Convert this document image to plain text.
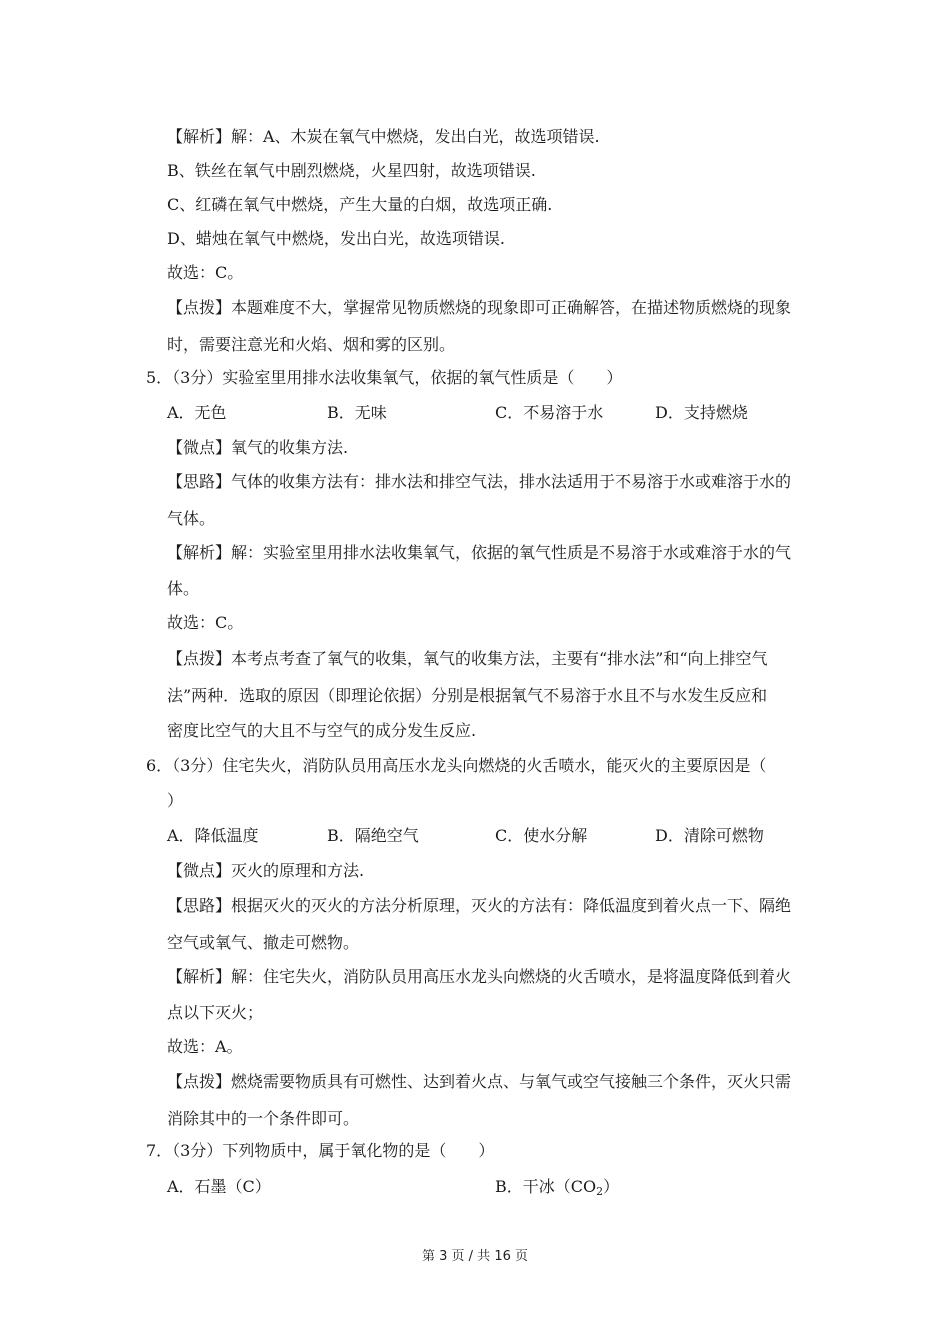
【解析】解：A、木炭在氧气中燃烧，发出白光，故选项错误.
B、铁丝在氧气中剧烈燃烧，火星四射，故选项错误.
C、红磷在氧气中燃烧，产生大量的白烟，故选项正确.
D、蜡烛在氧气中燃烧，发出白光，故选项错误.
故选：C。
【点拨】本题难度不大，掌握常见物质燃烧的现象即可正确解答，在描述物质燃烧的现象
时，需要注意光和火焰、烟和雾的区别。
5．（3分）实验室里用排水法收集氧气，依据的氧气性质是（　　）
A．无色	B．无味	C．不易溶于水	D．支持燃烧
【微点】氧气的收集方法.
【思路】气体的收集方法有：排水法和排空气法，排水法适用于不易溶于水或难溶于水的
气体。
【解析】解：实验室里用排水法收集氧气，依据的氧气性质是不易溶于水或难溶于水的气
体。
故选：C。
【点拨】本考点考查了氧气的收集，氧气的收集方法，主要有“排水法”和“向上排空气
法”两种．选取的原因（即理论依据）分别是根据氧气不易溶于水且不与水发生反应和
密度比空气的大且不与空气的成分发生反应.
6．（3分）住宅失火，消防队员用高压水龙头向燃烧的火舌喷水，能灭火的主要原因是（
）
A．降低温度	B．隔绝空气	C．使水分解	D．清除可燃物
【微点】灭火的原理和方法.
【思路】根据灭火的灭火的方法分析原理，灭火的方法有：降低温度到着火点一下、隔绝
空气或氧气、撤走可燃物。
【解析】解：住宅失火，消防队员用高压水龙头向燃烧的火舌喷水，是将温度降低到着火
点以下灭火；
故选：A。
【点拨】燃烧需要物质具有可燃性、达到着火点、与氧气或空气接触三个条件，灭火只需
消除其中的一个条件即可。
7．（3分）下列物质中，属于氧化物的是（　　）
A．石墨（C）	B．干冰$(CO_2)$
第 3 页 / 共 16 页
